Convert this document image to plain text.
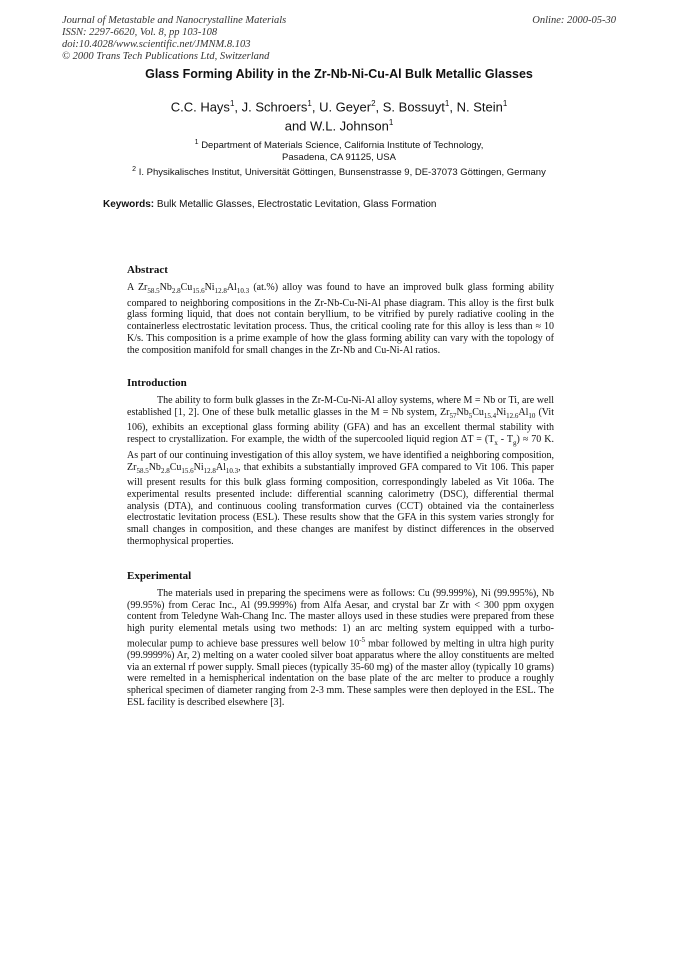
Journal of Metastable and Nanocrystalline Materials
ISSN: 2297-6620, Vol. 8, pp 103-108
doi:10.4028/www.scientific.net/JMNM.8.103
© 2000 Trans Tech Publications Ltd, Switzerland
Online: 2000-05-30
Glass Forming Ability in the Zr-Nb-Ni-Cu-Al Bulk Metallic Glasses
C.C. Hays$^1$, J. Schroers$^1$, U. Geyer$^2$, S. Bossuyt$^1$, N. Stein$^1$
and W.L. Johnson$^1$
$^1$ Department of Materials Science, California Institute of Technology,
Pasadena, CA 91125, USA
$^2$ I. Physikalisches Institut, Universität Göttingen, Bunsenstrasse 9, DE-37073 Göttingen, Germany
Keywords: Bulk Metallic Glasses, Electrostatic Levitation, Glass Formation
Abstract

A $Zr_{58.5}Nb_{2.8}Cu_{15.6}Ni_{12.8}Al_{10.3}$ (at.%) alloy was found to have an improved bulk glass forming ability compared to neighboring compositions in the Zr-Nb-Cu-Ni-Al phase diagram. This alloy is the first bulk glass forming liquid, that does not contain beryllium, to be vitrified by purely radiative cooling in the containerless electrostatic levitation process. Thus, the critical cooling rate for this alloy is less than ≈ 10 K/s. This composition is a prime example of how the glass forming ability can vary with the topology of the composition manifold for small changes in the Zr-Nb and Cu-Ni-Al ratios.

Introduction

The ability to form bulk glasses in the Zr-M-Cu-Ni-Al alloy systems, where M = Nb or Ti, are well established [1, 2]. One of these bulk metallic glasses in the M = Nb system, $Zr_{57}Nb_5Cu_{15.4}Ni_{12.6}Al_{10}$ (Vit 106), exhibits an exceptional glass forming ability (GFA) and has an excellent thermal stability with respect to crystallization. For example, the width of the supercooled liquid region $\Delta T = (T_x - T_g) \approx 70$ K. As part of our continuing investigation of this alloy system, we have identified a neighboring composition, $Zr_{58.5}Nb_{2.8}Cu_{15.6}Ni_{12.8}Al_{10.3}$, that exhibits a substantially improved GFA compared to Vit 106. This paper will present results for this bulk glass forming composition, correspondingly labeled as Vit 106a. The experimental results presented include: differential scanning calorimetry (DSC), differential thermal analysis (DTA), and continuous cooling transformation curves (CCT) obtained via the containerless electrostatic levitation process (ESL). These results show that the GFA in this system varies strongly for small changes in composition, and these changes are manifest by distinct differences in the observed thermophysical properties.

Experimental

The materials used in preparing the specimens were as follows: Cu (99.999%), Ni (99.995%), Nb (99.95%) from Cerac Inc., Al (99.999%) from Alfa Aesar, and crystal bar Zr with < 300 ppm oxygen content from Teledyne Wah-Chang Inc. The master alloys used in these studies were prepared from these high purity elemental metals using two methods: 1) an arc melting system equipped with a turbo-molecular pump to achieve base pressures well below $10^{-5}$ mbar followed by melting in ultra high purity (99.9999%) Ar, 2) melting on a water cooled silver boat apparatus where the alloy constituents are melted via an external rf power supply. Small pieces (typically 35-60 mg) of the master alloy (typically 10 grams) were remelted in a hemispherical indentation on the base plate of the arc melter to produce a roughly spherical specimen of diameter ranging from 2-3 mm. These samples were then deployed in the ESL. The ESL facility is described elsewhere [3].
